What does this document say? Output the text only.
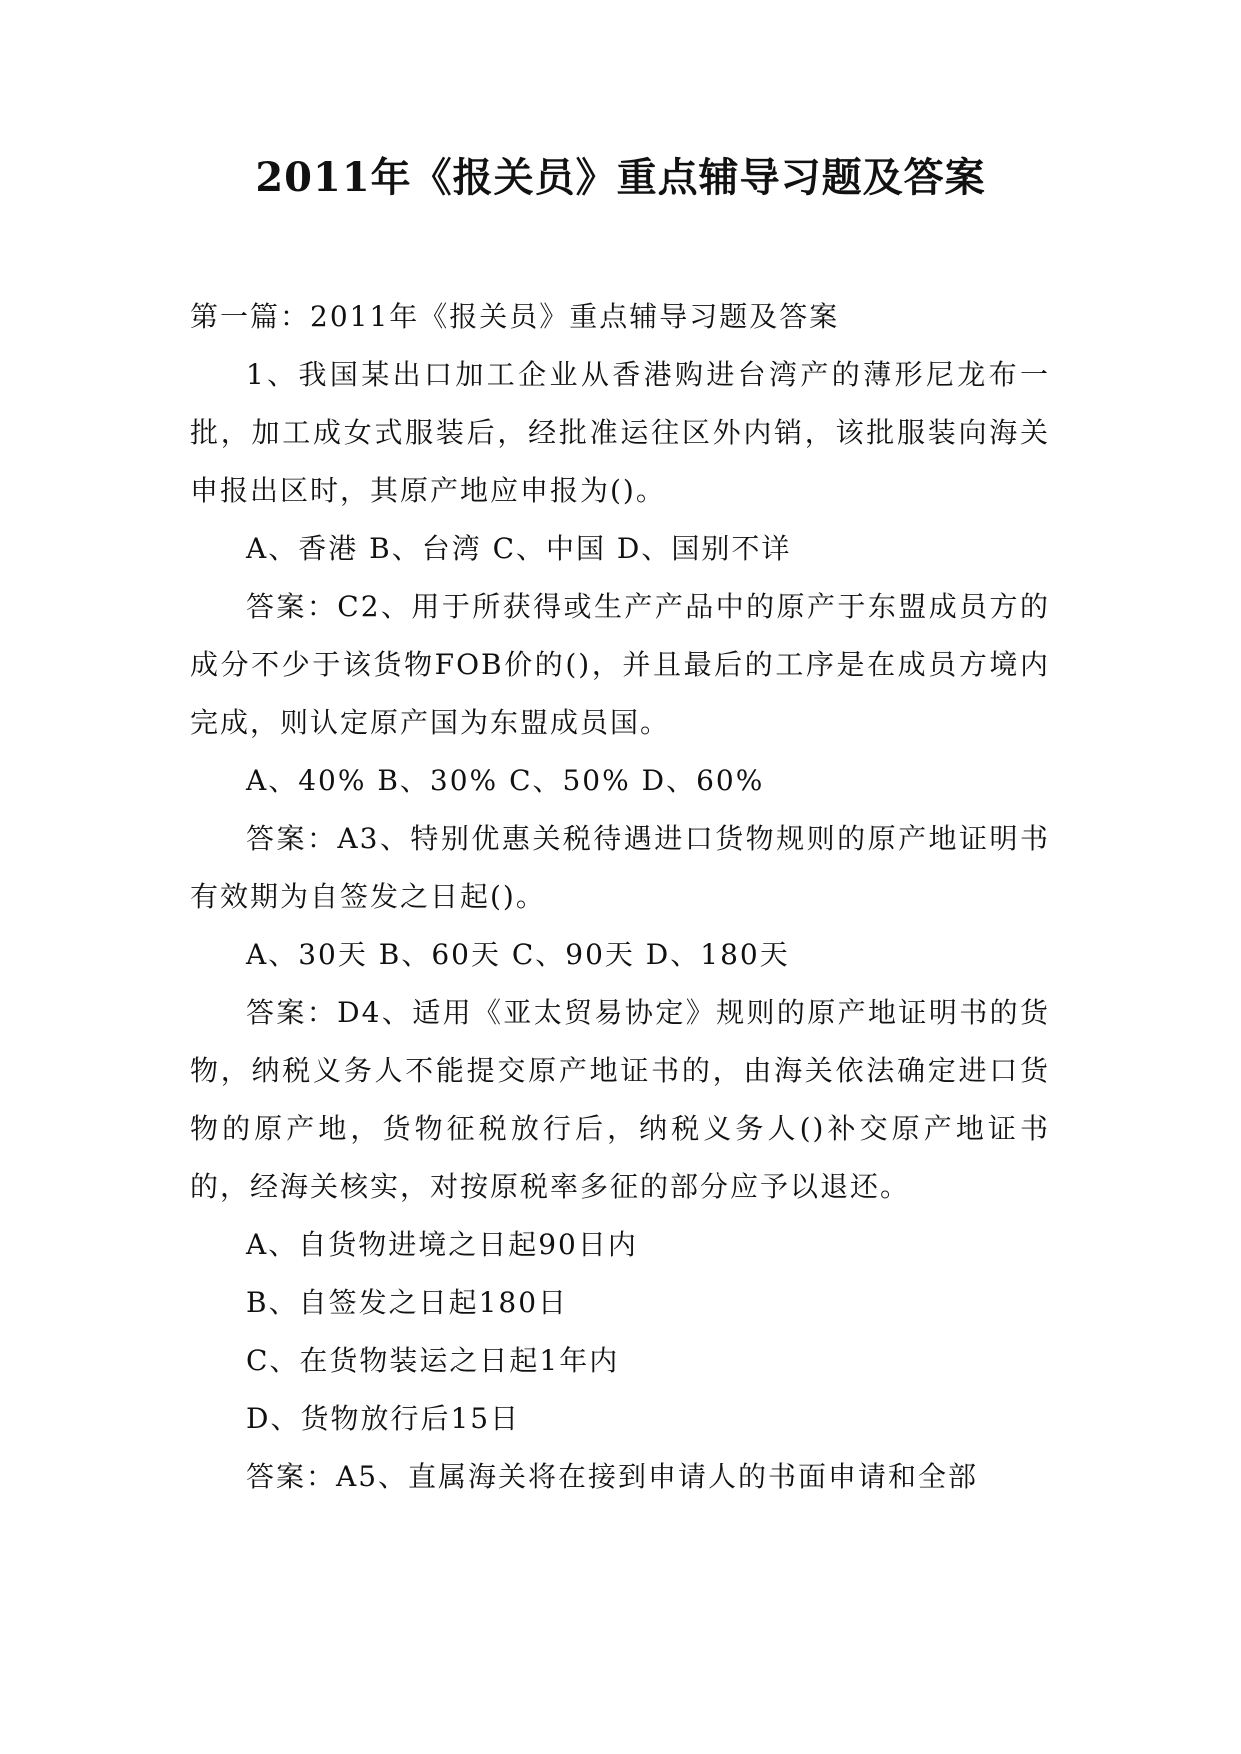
2011年《报关员》重点辅导习题及答案

第一篇：2011年《报关员》重点辅导习题及答案

1、我国某出口加工企业从香港购进台湾产的薄形尼龙布一批，加工成女式服装后，经批准运往区外内销，该批服装向海关申报出区时，其原产地应申报为()。

A、香港 B、台湾 C、中国 D、国别不详

答案：C2、用于所获得或生产产品中的原产于东盟成员方的成分不少于该货物FOB价的()，并且最后的工序是在成员方境内完成，则认定原产国为东盟成员国。

A、40% B、30% C、50% D、60%

答案：A3、特别优惠关税待遇进口货物规则的原产地证明书有效期为自签发之日起()。

A、30天 B、60天 C、90天 D、180天

答案：D4、适用《亚太贸易协定》规则的原产地证明书的货物，纳税义务人不能提交原产地证书的，由海关依法确定进口货物的原产地，货物征税放行后，纳税义务人()补交原产地证书的，经海关核实，对按原税率多征的部分应予以退还。

A、自货物进境之日起90日内

B、自签发之日起180日

C、在货物装运之日起1年内

D、货物放行后15日

答案：A5、直属海关将在接到申请人的书面申请和全部
